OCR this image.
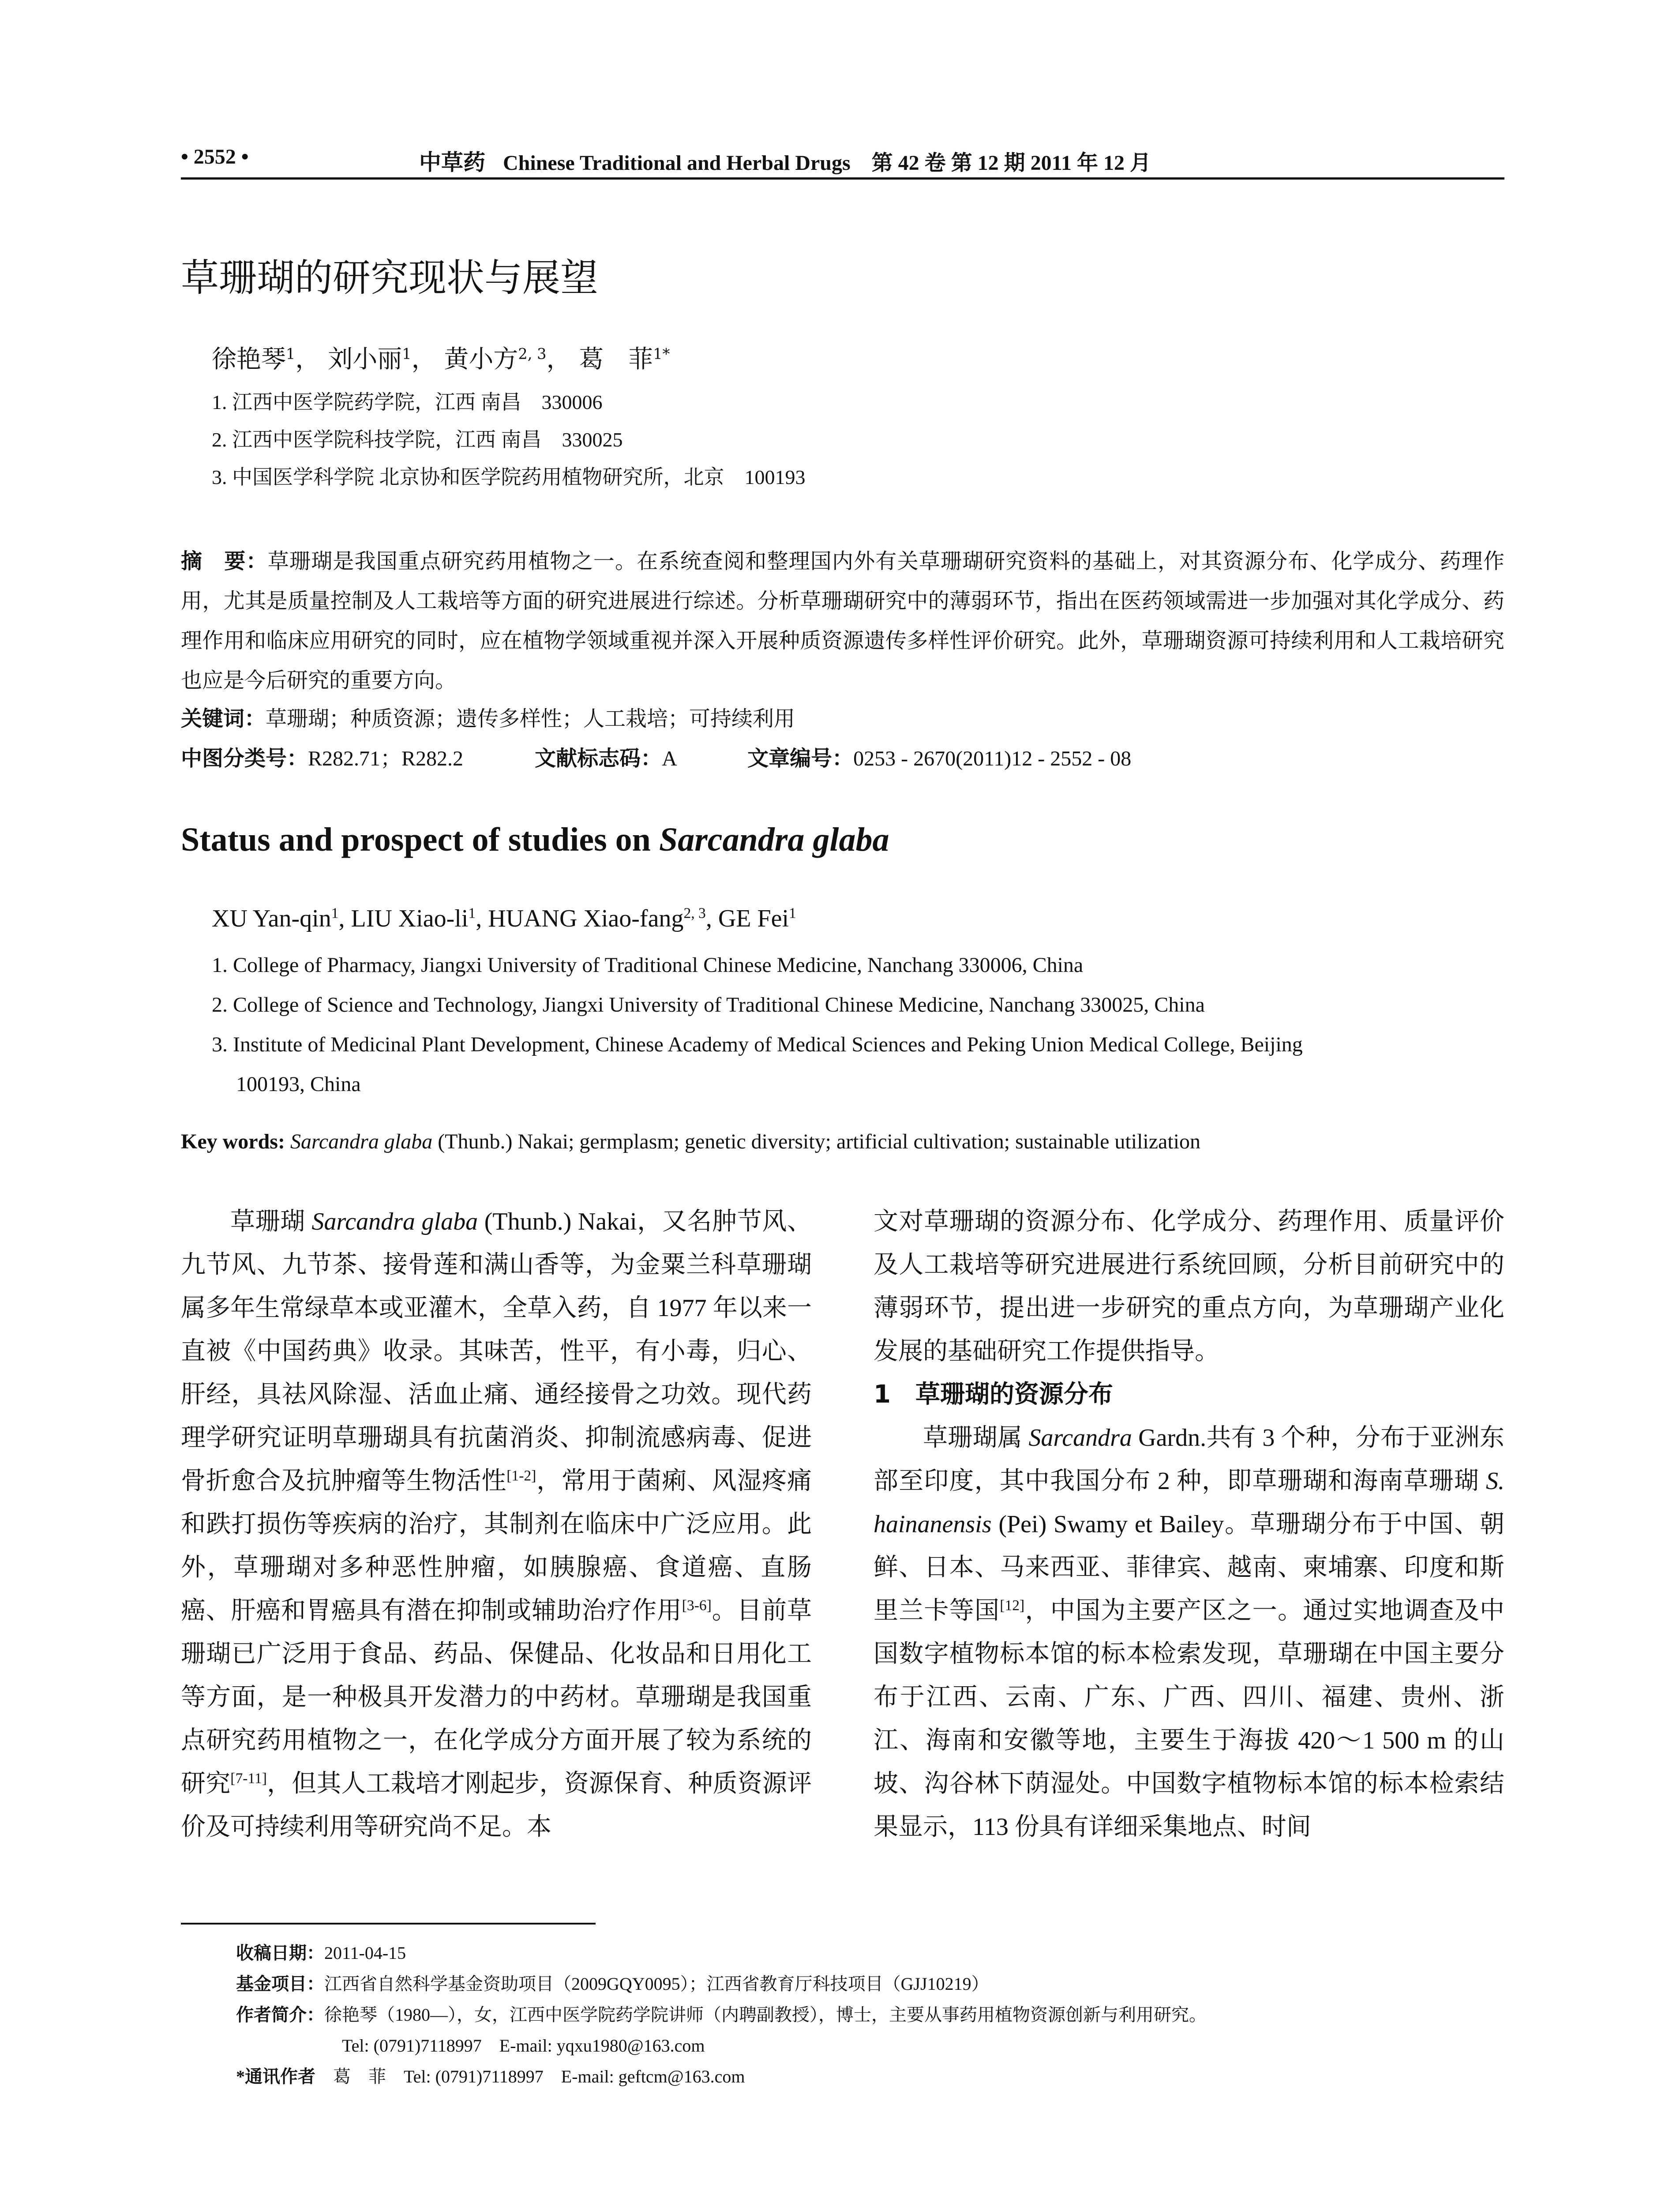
• 2552 •	中草药 Chinese Traditional and Herbal Drugs　第 42 卷 第 12 期 2011 年 12 月
草珊瑚的研究现状与展望
徐艳琴$^1$， 刘小丽$^1$， 黄小方$^{2, 3}$， 葛　菲$^{1*}$
1. 江西中医学院药学院，江西 南昌　330006
2. 江西中医学院科技学院，江西 南昌　330025
3. 中国医学科学院 北京协和医学院药用植物研究所，北京　100193
摘　要：草珊瑚是我国重点研究药用植物之一。在系统查阅和整理国内外有关草珊瑚研究资料的基础上，对其资源分布、化学成分、药理作用，尤其是质量控制及人工栽培等方面的研究进展进行综述。分析草珊瑚研究中的薄弱环节，指出在医药领域需进一步加强对其化学成分、药理作用和临床应用研究的同时，应在植物学领域重视并深入开展种质资源遗传多样性评价研究。此外，草珊瑚资源可持续利用和人工栽培研究也应是今后研究的重要方向。
关键词：草珊瑚；种质资源；遗传多样性；人工栽培；可持续利用
中图分类号：R282.71；R282.2	文献标志码：A	文章编号：0253 - 2670(2011)12 - 2552 - 08
Status and prospect of studies on Sarcandra glaba
XU Yan-qin$^1$, LIU Xiao-$li^1$, HUANG Xiao-fang$^{2, 3}$, GE Fei$^1$
1. College of Pharmacy, Jiangxi University of Traditional Chinese Medicine, Nanchang 330006, China
2. College of Science and Technology, Jiangxi University of Traditional Chinese Medicine, Nanchang 330025, China
3. Institute of Medicinal Plant Development, Chinese Academy of Medical Sciences and Peking Union Medical College, Beijing
100193, China
Key words: Sarcandra glaba (Thunb.) Nakai; germplasm; genetic diversity; artificial cultivation; sustainable utilization

草珊瑚 Sarcandra glaba (Thunb.) Nakai，又名肿节风、九节风、九节茶、接骨莲和满山香等，为金粟兰科草珊瑚属多年生常绿草本或亚灌木，全草入药，自 1977 年以来一直被《中国药典》收录。其味苦，性平，有小毒，归心、肝经，具祛风除湿、活血止痛、通经接骨之功效。现代药理学研究证明草珊瑚具有抗菌消炎、抑制流感病毒、促进骨折愈合及抗肿瘤等生物活性[1-2]，常用于菌痢、风湿疼痛和跌打损伤等疾病的治疗，其制剂在临床中广泛应用。此外，草珊瑚对多种恶性肿瘤，如胰腺癌、食道癌、直肠癌、肝癌和胃癌具有潜在抑制或辅助治疗作用[3-6]。目前草珊瑚已广泛用于食品、药品、保健品、化妆品和日用化工等方面，是一种极具开发潜力的中药材。草珊瑚是我国重点研究药用植物之一，在化学成分方面开展了较为系统的研究[7-11]，但其人工栽培才刚起步，资源保育、种质资源评价及可持续利用等研究尚不足。本

文对草珊瑚的资源分布、化学成分、药理作用、质量评价及人工栽培等研究进展进行系统回顾，分析目前研究中的薄弱环节，提出进一步研究的重点方向，为草珊瑚产业化发展的基础研究工作提供指导。

1　草珊瑚的资源分布

草珊瑚属 Sarcandra Gardn.共有 3 个种，分布于亚洲东部至印度，其中我国分布 2 种，即草珊瑚和海南草珊瑚 S. hainanensis (Pei) Swamy et Bailey。草珊瑚分布于中国、朝鲜、日本、马来西亚、菲律宾、越南、柬埔寨、印度和斯里兰卡等国[12]，中国为主要产区之一。通过实地调查及中国数字植物标本馆的标本检索发现，草珊瑚在中国主要分布于江西、云南、广东、广西、四川、福建、贵州、浙江、海南和安徽等地，主要生于海拔 420～1 500 m 的山坡、沟谷林下荫湿处。中国数字植物标本馆的标本检索结果显示，113 份具有详细采集地点、时间

收稿日期：2011-04-15
基金项目：江西省自然科学基金资助项目（2009GQY0095）；江西省教育厅科技项目（GJJ10219）
作者简介：徐艳琴（1980—），女，江西中医学院药学院讲师（内聘副教授），博士，主要从事药用植物资源创新与利用研究。
Tel: (0791)7118997　E-mail: yqxu1980@163.com
*通讯作者　 葛　菲　Tel: (0791)7118997　E-mail: geftcm@163.com
